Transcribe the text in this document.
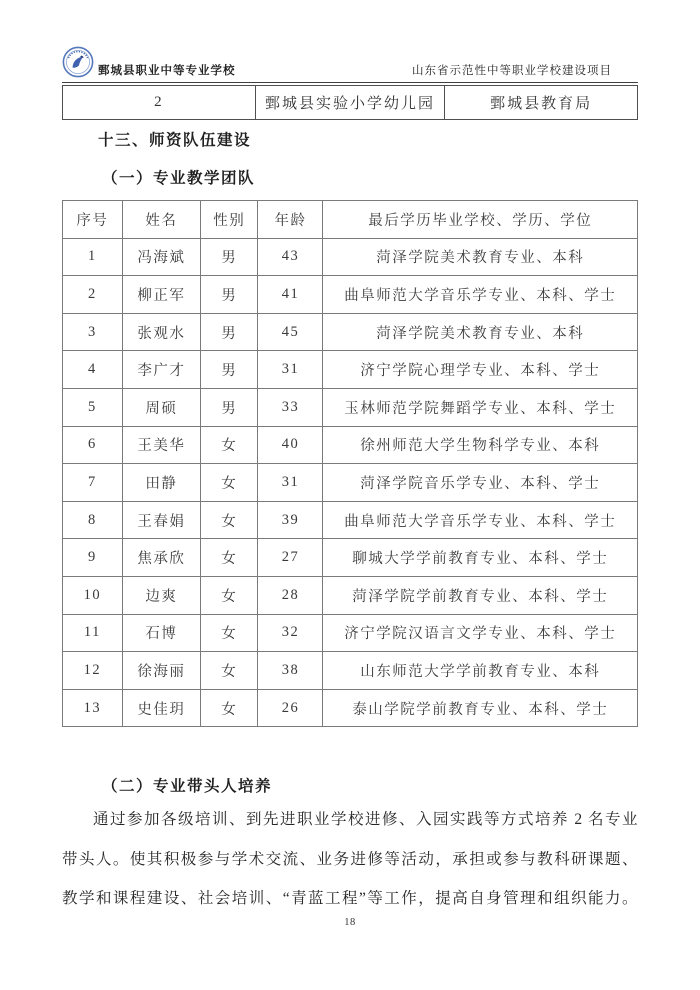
鄄城县职业中等专业学校	山东省示范性中等职业学校建设项目
2	鄄城县实验小学幼儿园	鄄城县教育局
十三、师资队伍建设
（一）专业教学团队
序号	姓名	性别	年龄	最后学历毕业学校、学历、学位
1	冯海斌	男	43	菏泽学院美术教育专业、本科
2	柳正军	男	41	曲阜师范大学音乐学专业、本科、学士
3	张观水	男	45	菏泽学院美术教育专业、本科
4	李广才	男	31	济宁学院心理学专业、本科、学士
5	周硕	男	33	玉林师范学院舞蹈学专业、本科、学士
6	王美华	女	40	徐州师范大学生物科学专业、本科
7	田静	女	31	菏泽学院音乐学专业、本科、学士
8	王春娟	女	39	曲阜师范大学音乐学专业、本科、学士
9	焦承欣	女	27	聊城大学学前教育专业、本科、学士
10	边爽	女	28	菏泽学院学前教育专业、本科、学士
11	石博	女	32	济宁学院汉语言文学专业、本科、学士
12	徐海丽	女	38	山东师范大学学前教育专业、本科
13	史佳玥	女	26	泰山学院学前教育专业、本科、学士
（二）专业带头人培养
通过参加各级培训、到先进职业学校进修、入园实践等方式培养 2 名专业
带头人。使其积极参与学术交流、业务进修等活动，承担或参与教科研课题、
教学和课程建设、社会培训、“青蓝工程”等工作，提高自身管理和组织能力。
18
